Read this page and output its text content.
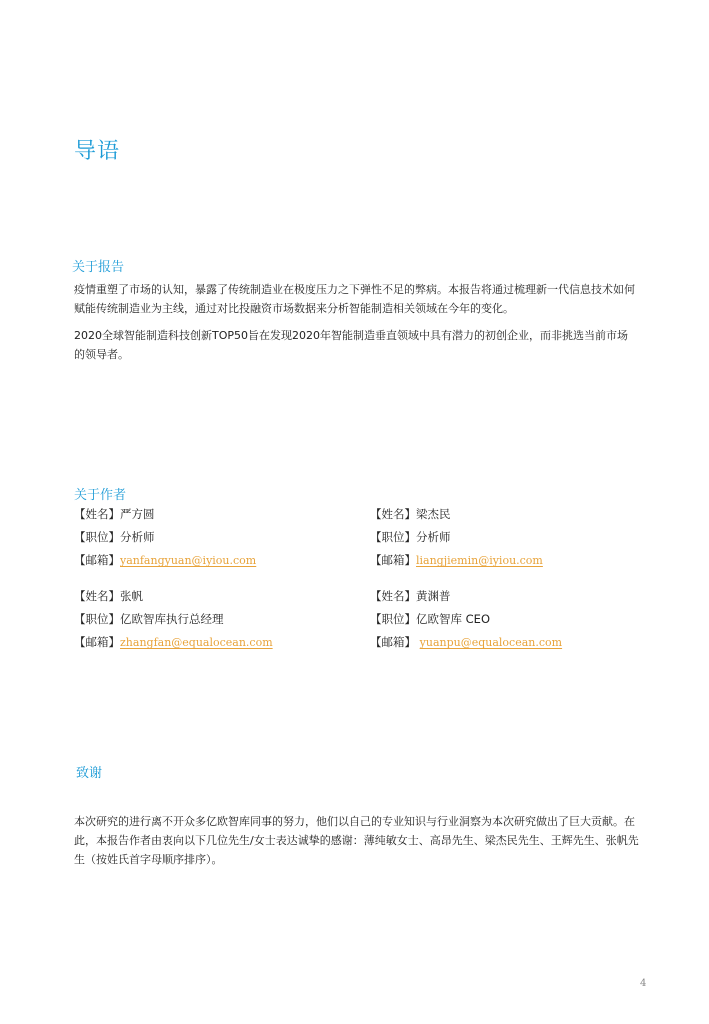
导语
关于报告

疫情重塑了市场的认知，暴露了传统制造业在极度压力之下弹性不足的弊病。本报告将通过梳理新一代信息技术如何赋能传统制造业为主线，通过对比投融资市场数据来分析智能制造相关领域在今年的变化。

2020全球智能制造科技创新TOP50旨在发现2020年智能制造垂直领域中具有潜力的初创企业，而非挑选当前市场的领导者。

关于作者
【姓名】严方圆
【职位】分析师
【邮箱】yanfangyuan@iyiou.com
【姓名】梁杰民
【职位】分析师
【邮箱】liangjiemin@iyiou.com
【姓名】张帆
【职位】亿欧智库执行总经理
【邮箱】zhangfan@equalocean.com
【姓名】黄渊普
【职位】亿欧智库 CEO
【邮箱】 yuanpu@equalocean.com
致谢

本次研究的进行离不开众多亿欧智库同事的努力，他们以自己的专业知识与行业洞察为本次研究做出了巨大贡献。在此，本报告作者由衷向以下几位先生/女士表达诚挚的感谢：薄纯敏女士、高昂先生、梁杰民先生、王辉先生、张帆先生（按姓氏首字母顺序排序）。

4
